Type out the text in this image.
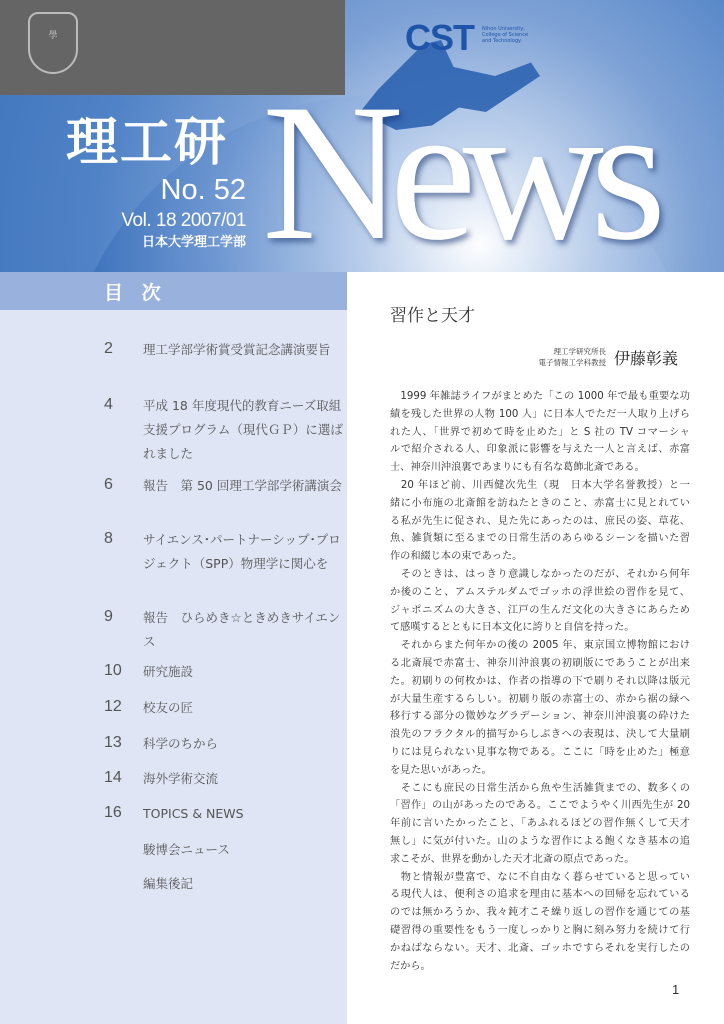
學
理工研 News
CST Nihon University, College of Science and Technology.
No. 52
Vol. 18 2007/01
日本大学理工学部
目 次
2	理工学部学術賞受賞記念講演要旨
4	平成 18 年度現代的教育ニーズ取組支援プログラム（現代ＧＰ）に選ばれました
6	報告　第 50 回理工学部学術講演会
8	サイエンス･パートナーシップ･プロジェクト（SPP）物理学に関心を
9	報告　ひらめき☆ときめきサイエンス
10	研究施設
12	校友の匠
13	科学のちから
14	海外学術交流
16	TOPICS & NEWS
駿博会ニュース
編集後記
習作と天才
理工学研究所長
電子情報工学科教授 伊藤彰義
　1999 年雑誌ライフがまとめた「この 1000 年で最も重要な功
績を残した世界の人物 100 人」に日本人でただ一人取り上げら
れた人、「世界で初めて時を止めた」と S 社の TV コマーシャ
ルで紹介される人、印象派に影響を与えた一人と言えば、赤富
士、神奈川沖浪裏であまりにも有名な葛飾北斎である。
　20 年ほど前、川西健次先生（現　日本大学名誉教授）と一
緒に小布施の北斎館を訪ねたときのこと、赤富士に見とれてい
る私が先生に促され、見た先にあったのは、庶民の姿、草花、
魚、雑貨類に至るまでの日常生活のあらゆるシーンを描いた習
作の和綴じ本の束であった。
　そのときは、はっきり意識しなかったのだが、それから何年
か後のこと、アムステルダムでゴッホの浮世絵の習作を見て、
ジャポニズムの大きさ、江戸の生んだ文化の大きさにあらため
て感嘆するとともに日本文化に誇りと自信を持った。
　それからまた何年かの後の 2005 年、東京国立博物館におけ
る北斎展で赤富士、神奈川沖浪裏の初刷版にであうことが出来
た。初刷りの何枚かは、作者の指導の下で刷りそれ以降は版元
が大量生産するらしい。初刷り版の赤富士の、赤から裾の緑へ
移行する部分の微妙なグラデーション、神奈川沖浪裏の砕けた
浪先のフラクタル的描写からしぶきへの表現は、決して大量刷
りには見られない見事な物である。ここに「時を止めた」極意
を見た思いがあった。
　そこにも庶民の日常生活から魚や生活雑貨までの、数多くの
「習作」の山があったのである。ここでようやく川西先生が 20
年前に言いたかったこと、「あふれるほどの習作無くして天才
無し」に気が付いた。山のような習作による飽くなき基本の追
求こそが、世界を動かした天才北斎の原点であった。
　物と情報が豊富で、なに不自由なく暮らせていると思ってい
る現代人は、便利さの追求を理由に基本への回帰を忘れている
のでは無かろうか、我々鈍才こそ繰り返しの習作を通じての基
礎習得の重要性をもう一度しっかりと胸に刻み努力を続けて行
かねばならない。天才、北斎、ゴッホですらそれを実行したの
だから。
1
